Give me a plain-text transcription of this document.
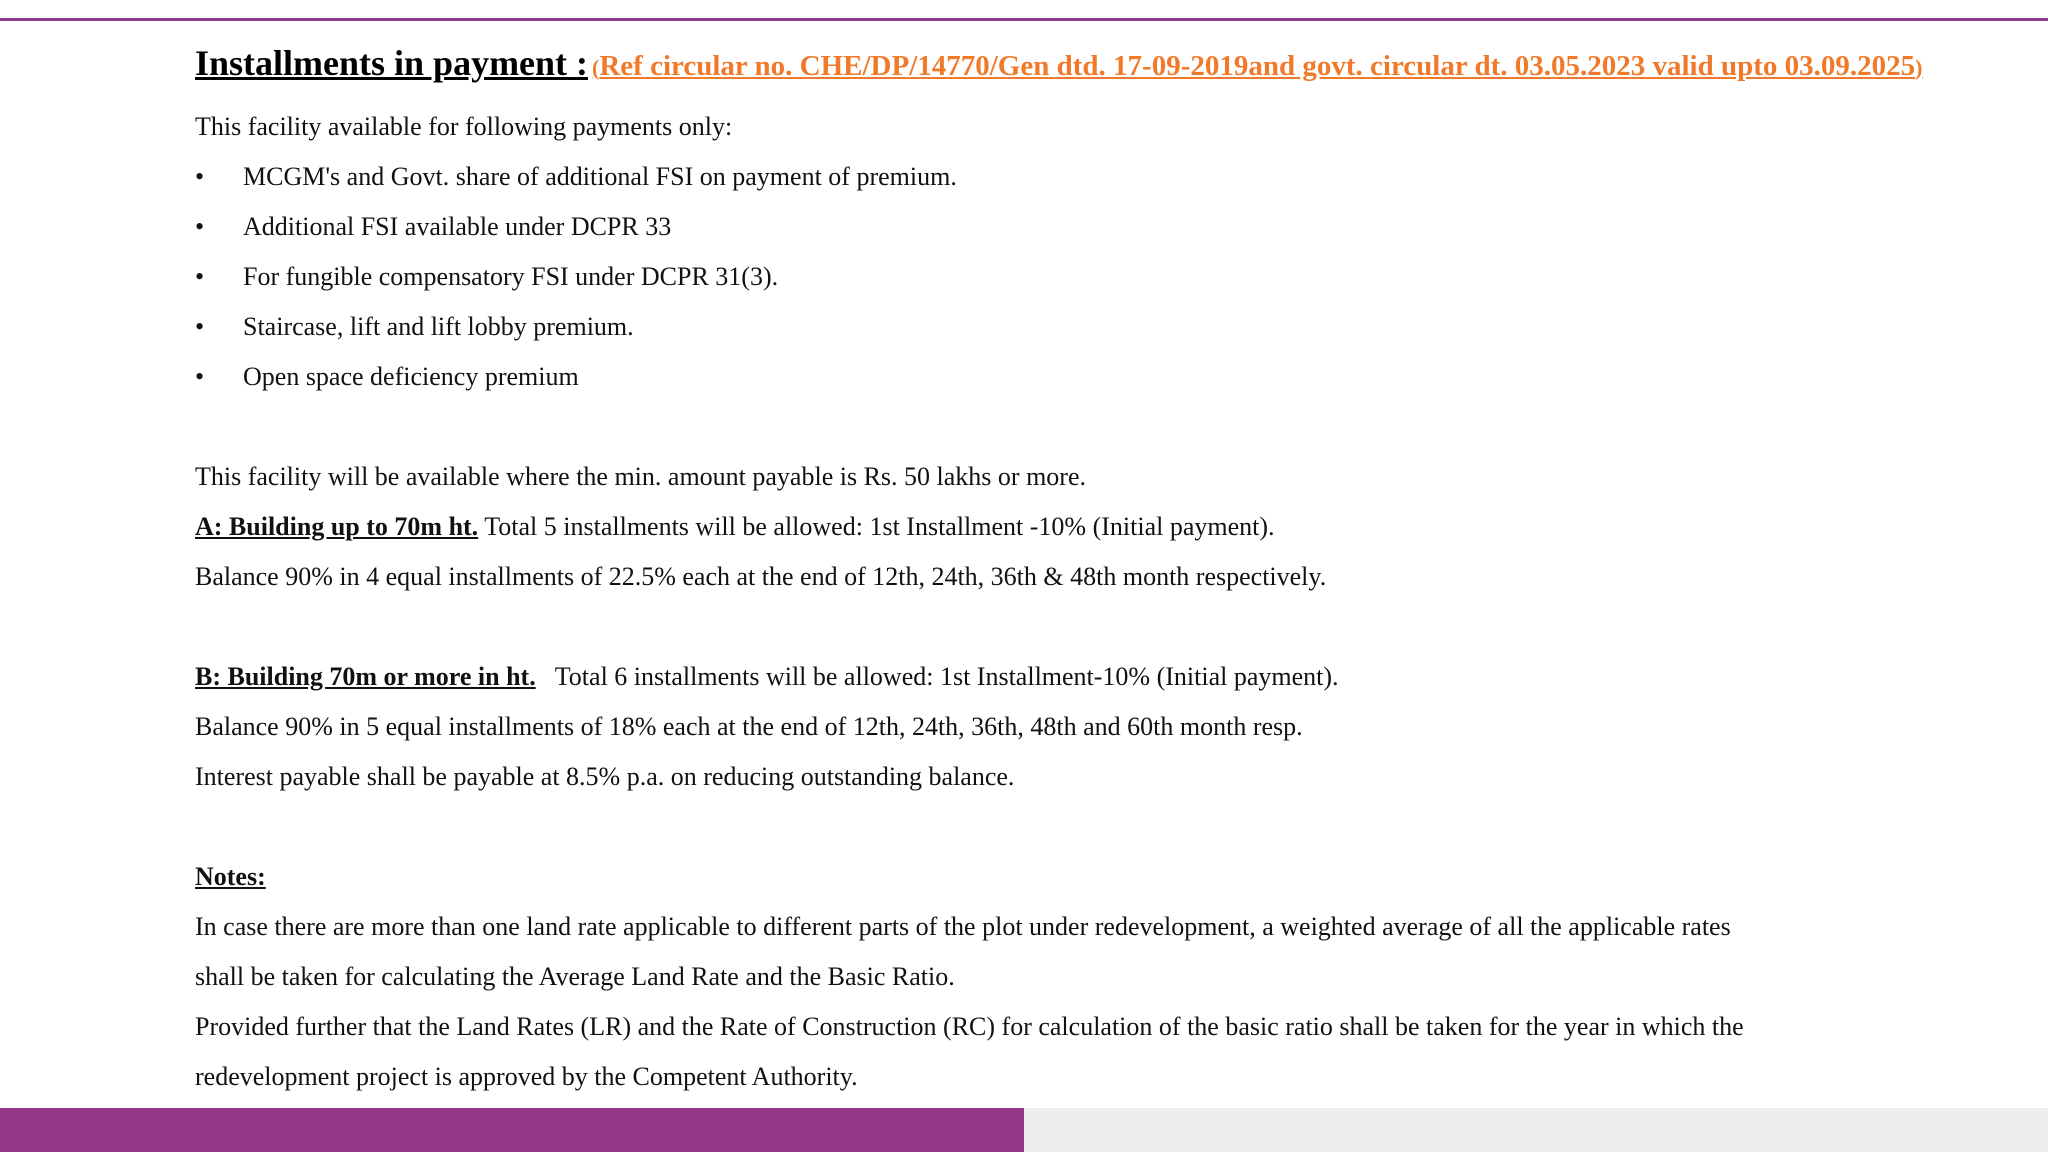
Installments in payment : (Ref circular no. CHE/DP/14770/Gen dtd. 17-09-2019and govt. circular dt. 03.05.2023 valid upto 03.09.2025)
This facility available for following payments only:
• MCGM's and Govt. share of additional FSI on payment of premium.
• Additional FSI available under DCPR 33
• For fungible compensatory FSI under DCPR 31(3).
• Staircase, lift and lift lobby premium.
• Open space deficiency premium
This facility will be available where the min. amount payable is Rs. 50 lakhs or more.
A: Building up to 70m ht. Total 5 installments will be allowed: 1st Installment -10% (Initial payment).
Balance 90% in 4 equal installments of 22.5% each at the end of 12th, 24th, 36th & 48th month respectively.
B: Building 70m or more in ht.   Total 6 installments will be allowed: 1st Installment-10% (Initial payment).
Balance 90% in 5 equal installments of 18% each at the end of 12th, 24th, 36th, 48th and 60th month resp.
Interest payable shall be payable at 8.5% p.a. on reducing outstanding balance.
Notes:
In case there are more than one land rate applicable to different parts of the plot under redevelopment, a weighted average of all the applicable rates
shall be taken for calculating the Average Land Rate and the Basic Ratio.
Provided further that the Land Rates (LR) and the Rate of Construction (RC) for calculation of the basic ratio shall be taken for the year in which the
redevelopment project is approved by the Competent Authority.
